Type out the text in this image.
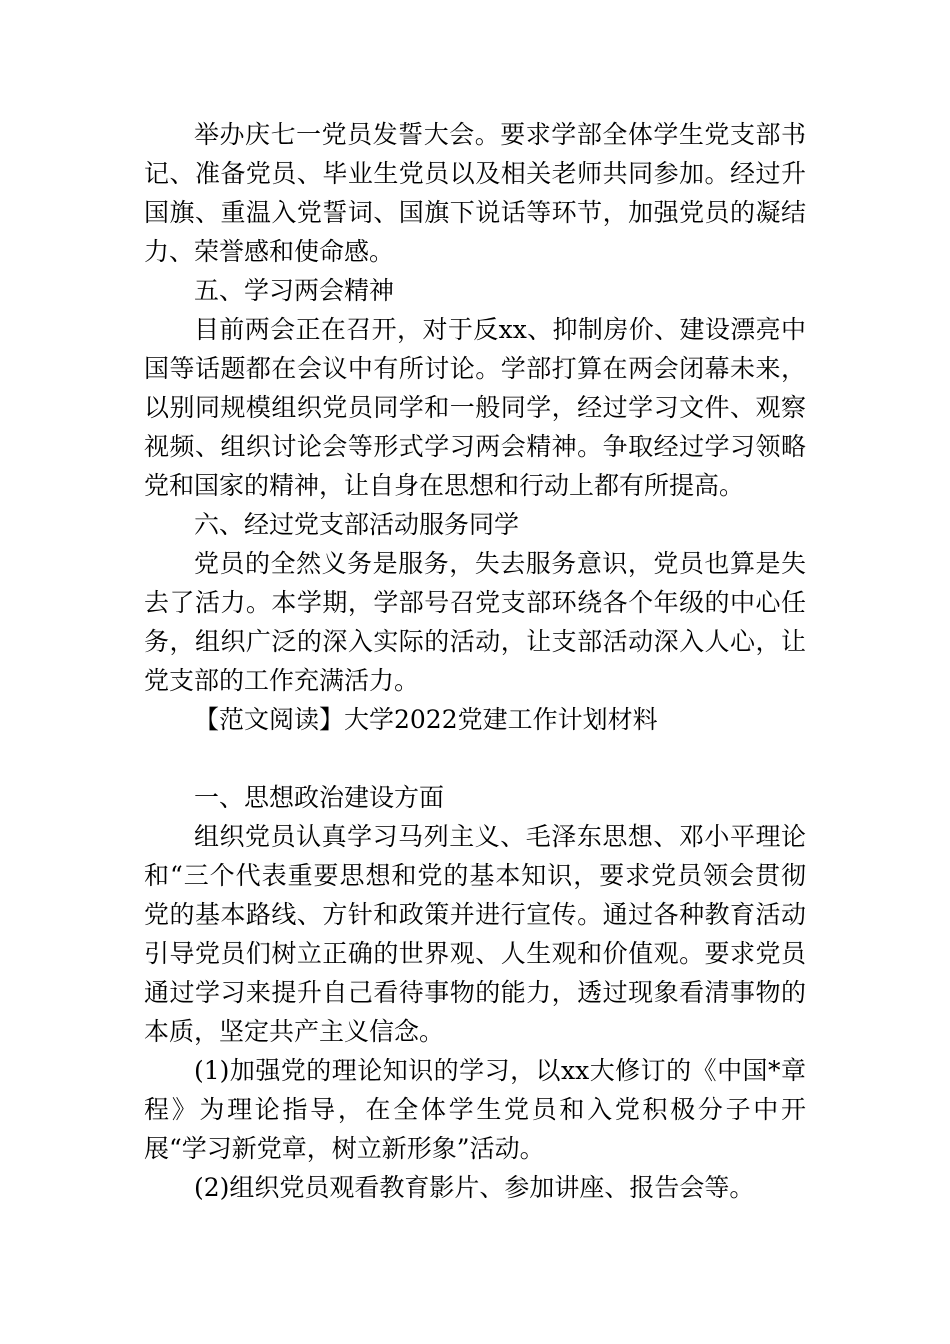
举办庆七一党员发誓大会。要求学部全体学生党支部书记、准备党员、毕业生党员以及相关老师共同参加。经过升国旗、重温入党誓词、国旗下说话等环节，加强党员的凝结力、荣誉感和使命感。

五、学习两会精神

目前两会正在召开，对于反xx、抑制房价、建设漂亮中国等话题都在会议中有所讨论。学部打算在两会闭幕未来，以别同规模组织党员同学和一般同学，经过学习文件、观察视频、组织讨论会等形式学习两会精神。争取经过学习领略党和国家的精神，让自身在思想和行动上都有所提高。

六、经过党支部活动服务同学

党员的全然义务是服务，失去服务意识，党员也算是失去了活力。本学期，学部号召党支部环绕各个年级的中心任务，组织广泛的深入实际的活动，让支部活动深入人心，让党支部的工作充满活力。

【范文阅读】大学2022党建工作计划材料

一、思想政治建设方面

组织党员认真学习马列主义、毛泽东思想、邓小平理论和“三个代表重要思想和党的基本知识，要求党员领会贯彻党的基本路线、方针和政策并进行宣传。通过各种教育活动引导党员们树立正确的世界观、人生观和价值观。要求党员通过学习来提升自己看待事物的能力，透过现象看清事物的本质，坚定共产主义信念。

(1)加强党的理论知识的学习，以xx大修订的《中国*章程》为理论指导，在全体学生党员和入党积极分子中开展“学习新党章，树立新形象”活动。

(2)组织党员观看教育影片、参加讲座、报告会等。
